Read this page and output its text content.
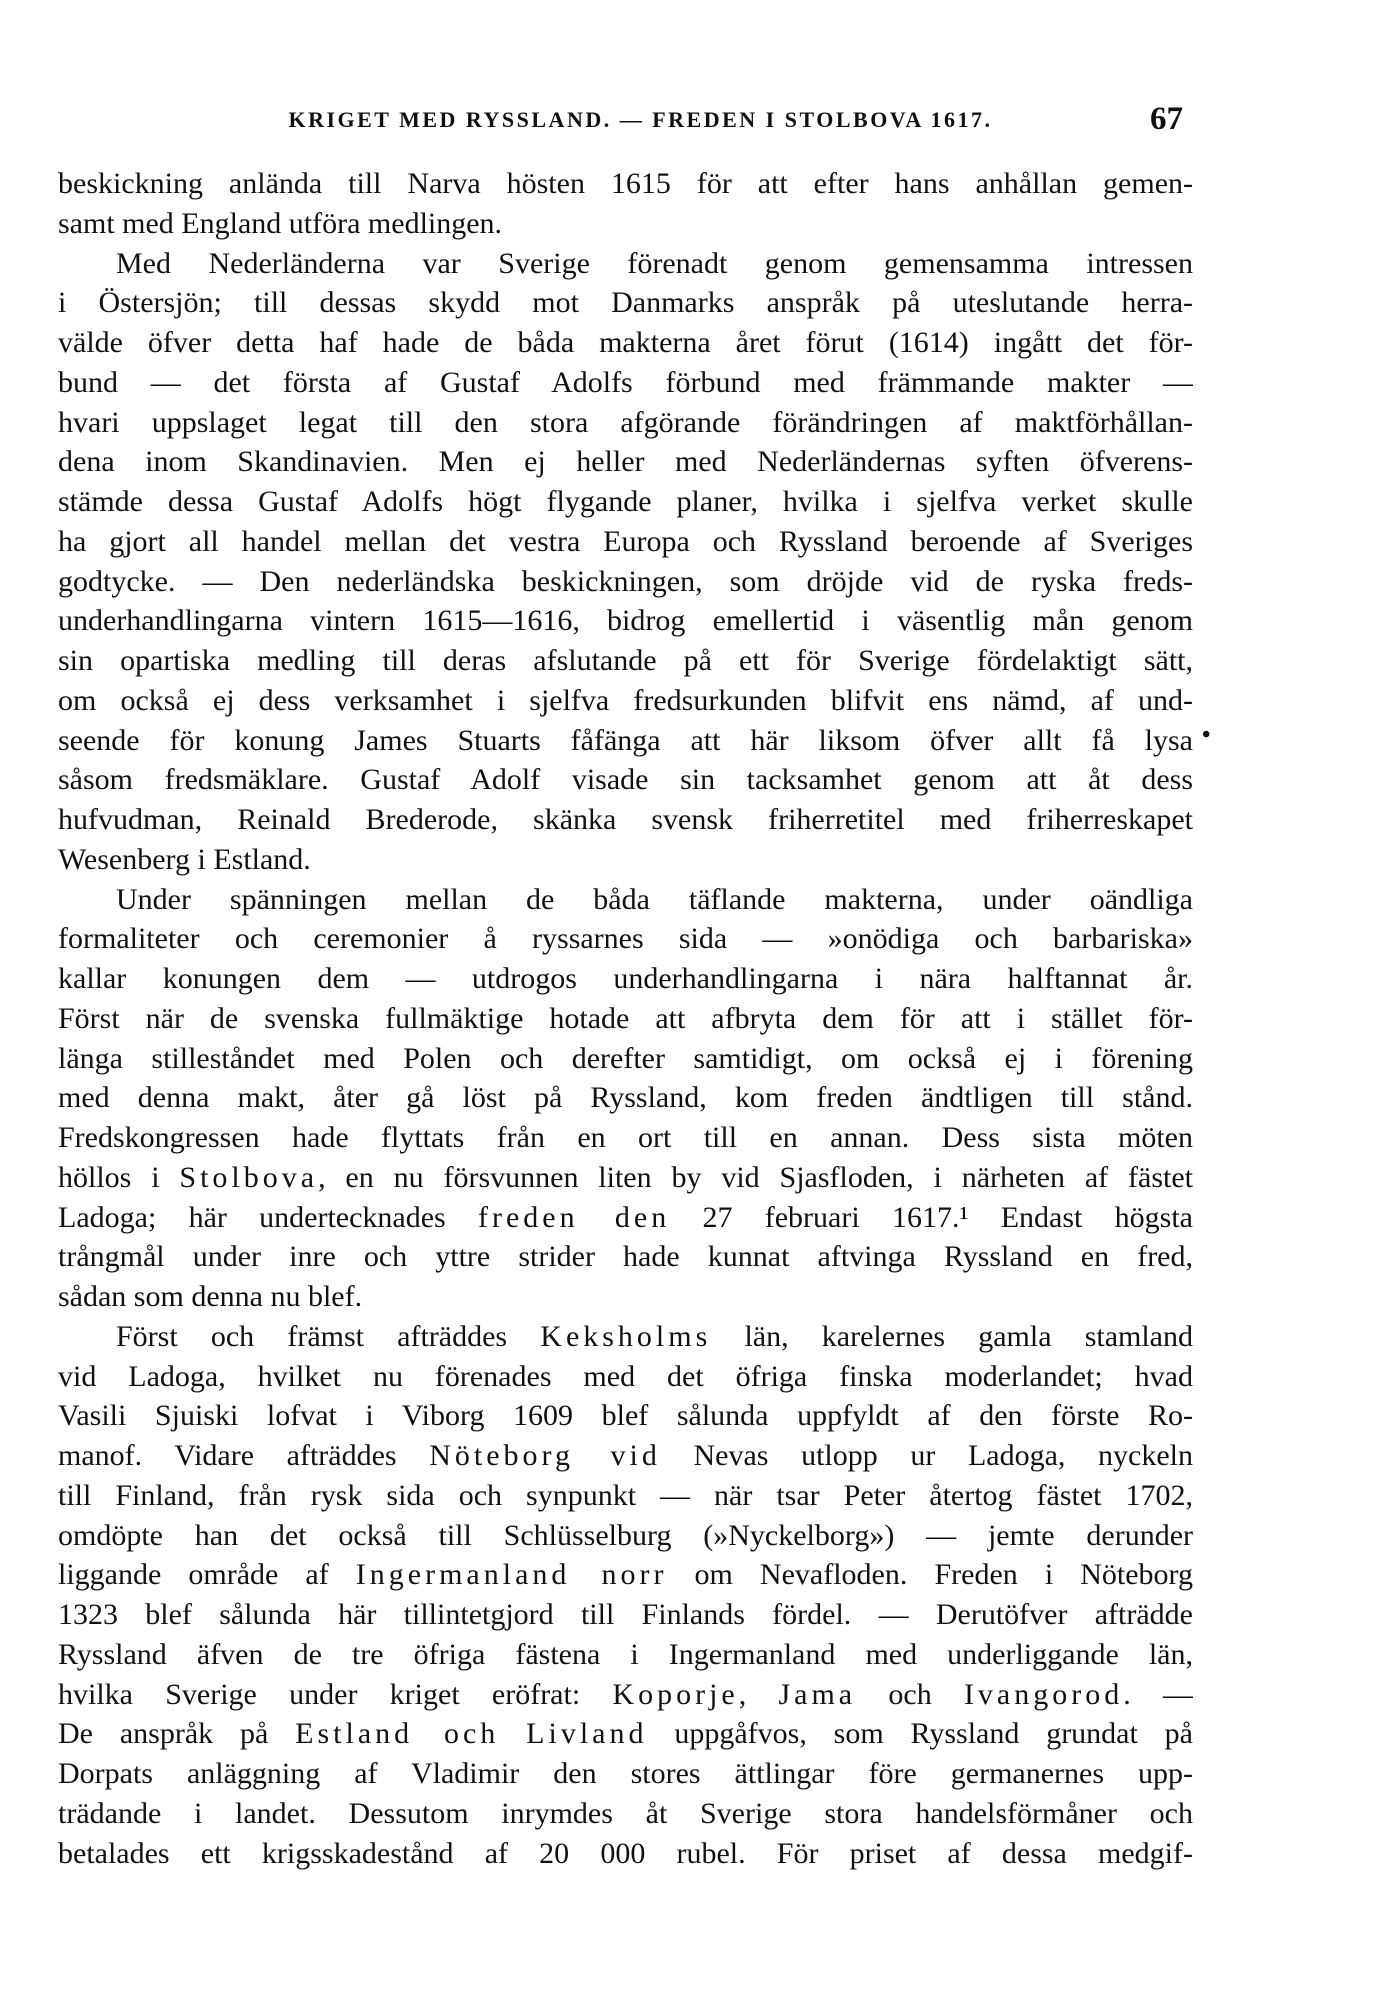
KRIGET MED RYSSLAND. — FREDEN I STOLBOVA 1617.	67
beskickning anlända till Narva hösten 1615 för att efter hans anhållan gemen-
samt med England utföra medlingen.
Med Nederländerna var Sverige förenadt genom gemensamma intressen
i Östersjön; till dessas skydd mot Danmarks anspråk på uteslutande herra-
välde öfver detta haf hade de båda makterna året förut (1614) ingått det för-
bund — det första af Gustaf Adolfs förbund med främmande makter —
hvari uppslaget legat till den stora afgörande förändringen af maktförhållan-
dena inom Skandinavien. Men ej heller med Nederländernas syften öfverens-
stämde dessa Gustaf Adolfs högt flygande planer, hvilka i sjelfva verket skulle
ha gjort all handel mellan det vestra Europa och Ryssland beroende af Sveriges
godtycke. — Den nederländska beskickningen, som dröjde vid de ryska freds-
underhandlingarna vintern 1615—1616, bidrog emellertid i väsentlig mån genom
sin opartiska medling till deras afslutande på ett för Sverige fördelaktigt sätt,
om också ej dess verksamhet i sjelfva fredsurkunden blifvit ens nämd, af und-
seende för konung James Stuarts fåfänga att här liksom öfver allt få lysa
såsom fredsmäklare. Gustaf Adolf visade sin tacksamhet genom att åt dess
hufvudman, Reinald Brederode, skänka svensk friherretitel med friherreskapet
Wesenberg i Estland.
Under spänningen mellan de båda täflande makterna, under oändliga
formaliteter och ceremonier å ryssarnes sida — »onödiga och barbariska»
kallar konungen dem — utdrogos underhandlingarna i nära halftannat år.
Först när de svenska fullmäktige hotade att afbryta dem för att i stället för-
länga stilleståndet med Polen och derefter samtidigt, om också ej i förening
med denna makt, åter gå löst på Ryssland, kom freden ändtligen till stånd.
Fredskongressen hade flyttats från en ort till en annan. Dess sista möten
höllos i Stolbova, en nu försvunnen liten by vid Sjasfloden, i närheten af fästet
Ladoga; här undertecknades freden den 27 februari 1617.¹ Endast högsta
trångmål under inre och yttre strider hade kunnat aftvinga Ryssland en fred,
sådan som denna nu blef.
Först och främst afträddes Keksholms län, karelernes gamla stamland
vid Ladoga, hvilket nu förenades med det öfriga finska moderlandet; hvad
Vasili Sjuiski lofvat i Viborg 1609 blef sålunda uppfyldt af den förste Ro-
manof. Vidare afträddes Nöteborg vid Nevas utlopp ur Ladoga, nyckeln
till Finland, från rysk sida och synpunkt — när tsar Peter återtog fästet 1702,
omdöpte han det också till Schlüsselburg (»Nyckelborg») — jemte derunder
liggande område af Ingermanland norr om Nevafloden. Freden i Nöteborg
1323 blef sålunda här tillintetgjord till Finlands fördel. — Derutöfver afträdde
Ryssland äfven de tre öfriga fästena i Ingermanland med underliggande län,
hvilka Sverige under kriget eröfrat: Koporje, Jama och Ivangorod. —
De anspråk på Estland och Livland uppgåfvos, som Ryssland grundat på
Dorpats anläggning af Vladimir den stores ättlingar före germanernes upp-
trädande i landet. Dessutom inrymdes åt Sverige stora handelsförmåner och
betalades ett krigsskadestånd af 20 000 rubel. För priset af dessa medgif-
•
